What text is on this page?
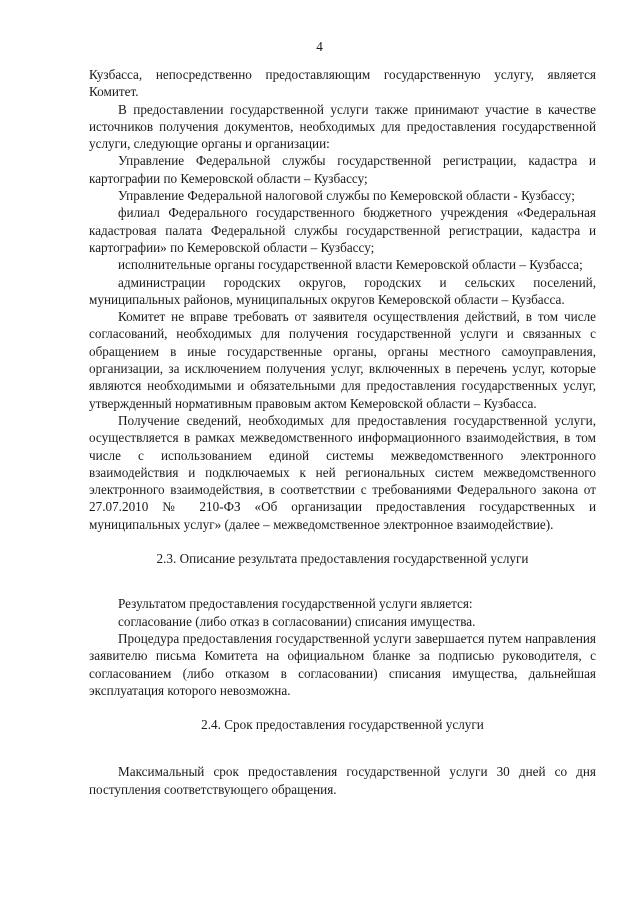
4

Кузбасса, непосредственно предоставляющим государственную услугу, является Комитет.

В предоставлении государственной услуги также принимают участие в качестве источников получения документов, необходимых для предоставления государственной услуги, следующие органы и организации:

Управление Федеральной службы государственной регистрации, кадастра и картографии по Кемеровской области – Кузбассу;

Управление Федеральной налоговой службы по Кемеровской области - Кузбассу;

филиал Федерального государственного бюджетного учреждения «Федеральная кадастровая палата Федеральной службы государственной регистрации, кадастра и картографии» по Кемеровской области – Кузбассу;

исполнительные органы государственной власти Кемеровской области – Кузбасса;

администрации городских округов, городских и сельских поселений, муниципальных районов, муниципальных округов Кемеровской области – Кузбасса.

Комитет не вправе требовать от заявителя осуществления действий, в том числе согласований, необходимых для получения государственной услуги и связанных с обращением в иные государственные органы, органы местного самоуправления, организации, за исключением получения услуг, включенных в перечень услуг, которые являются необходимыми и обязательными для предоставления государственных услуг, утвержденный нормативным правовым актом Кемеровской области – Кузбасса.

Получение сведений, необходимых для предоставления государственной услуги, осуществляется в рамках межведомственного информационного взаимодействия, в том числе с использованием единой системы межведомственного электронного взаимодействия и подключаемых к ней региональных систем межведомственного электронного взаимодействия, в соответствии с требованиями Федерального закона от 27.07.2010 № 210-ФЗ «Об организации предоставления государственных и муниципальных услуг» (далее – межведомственное электронное взаимодействие).

2.3. Описание результата предоставления государственной услуги

Результатом предоставления государственной услуги является:

согласование (либо отказ в согласовании) списания имущества.

Процедура предоставления государственной услуги завершается путем направления заявителю письма Комитета на официальном бланке за подписью руководителя, с согласованием (либо отказом в согласовании) списания имущества, дальнейшая эксплуатация которого невозможна.

2.4. Срок предоставления государственной услуги

Максимальный срок предоставления государственной услуги 30 дней со дня поступления соответствующего обращения.
